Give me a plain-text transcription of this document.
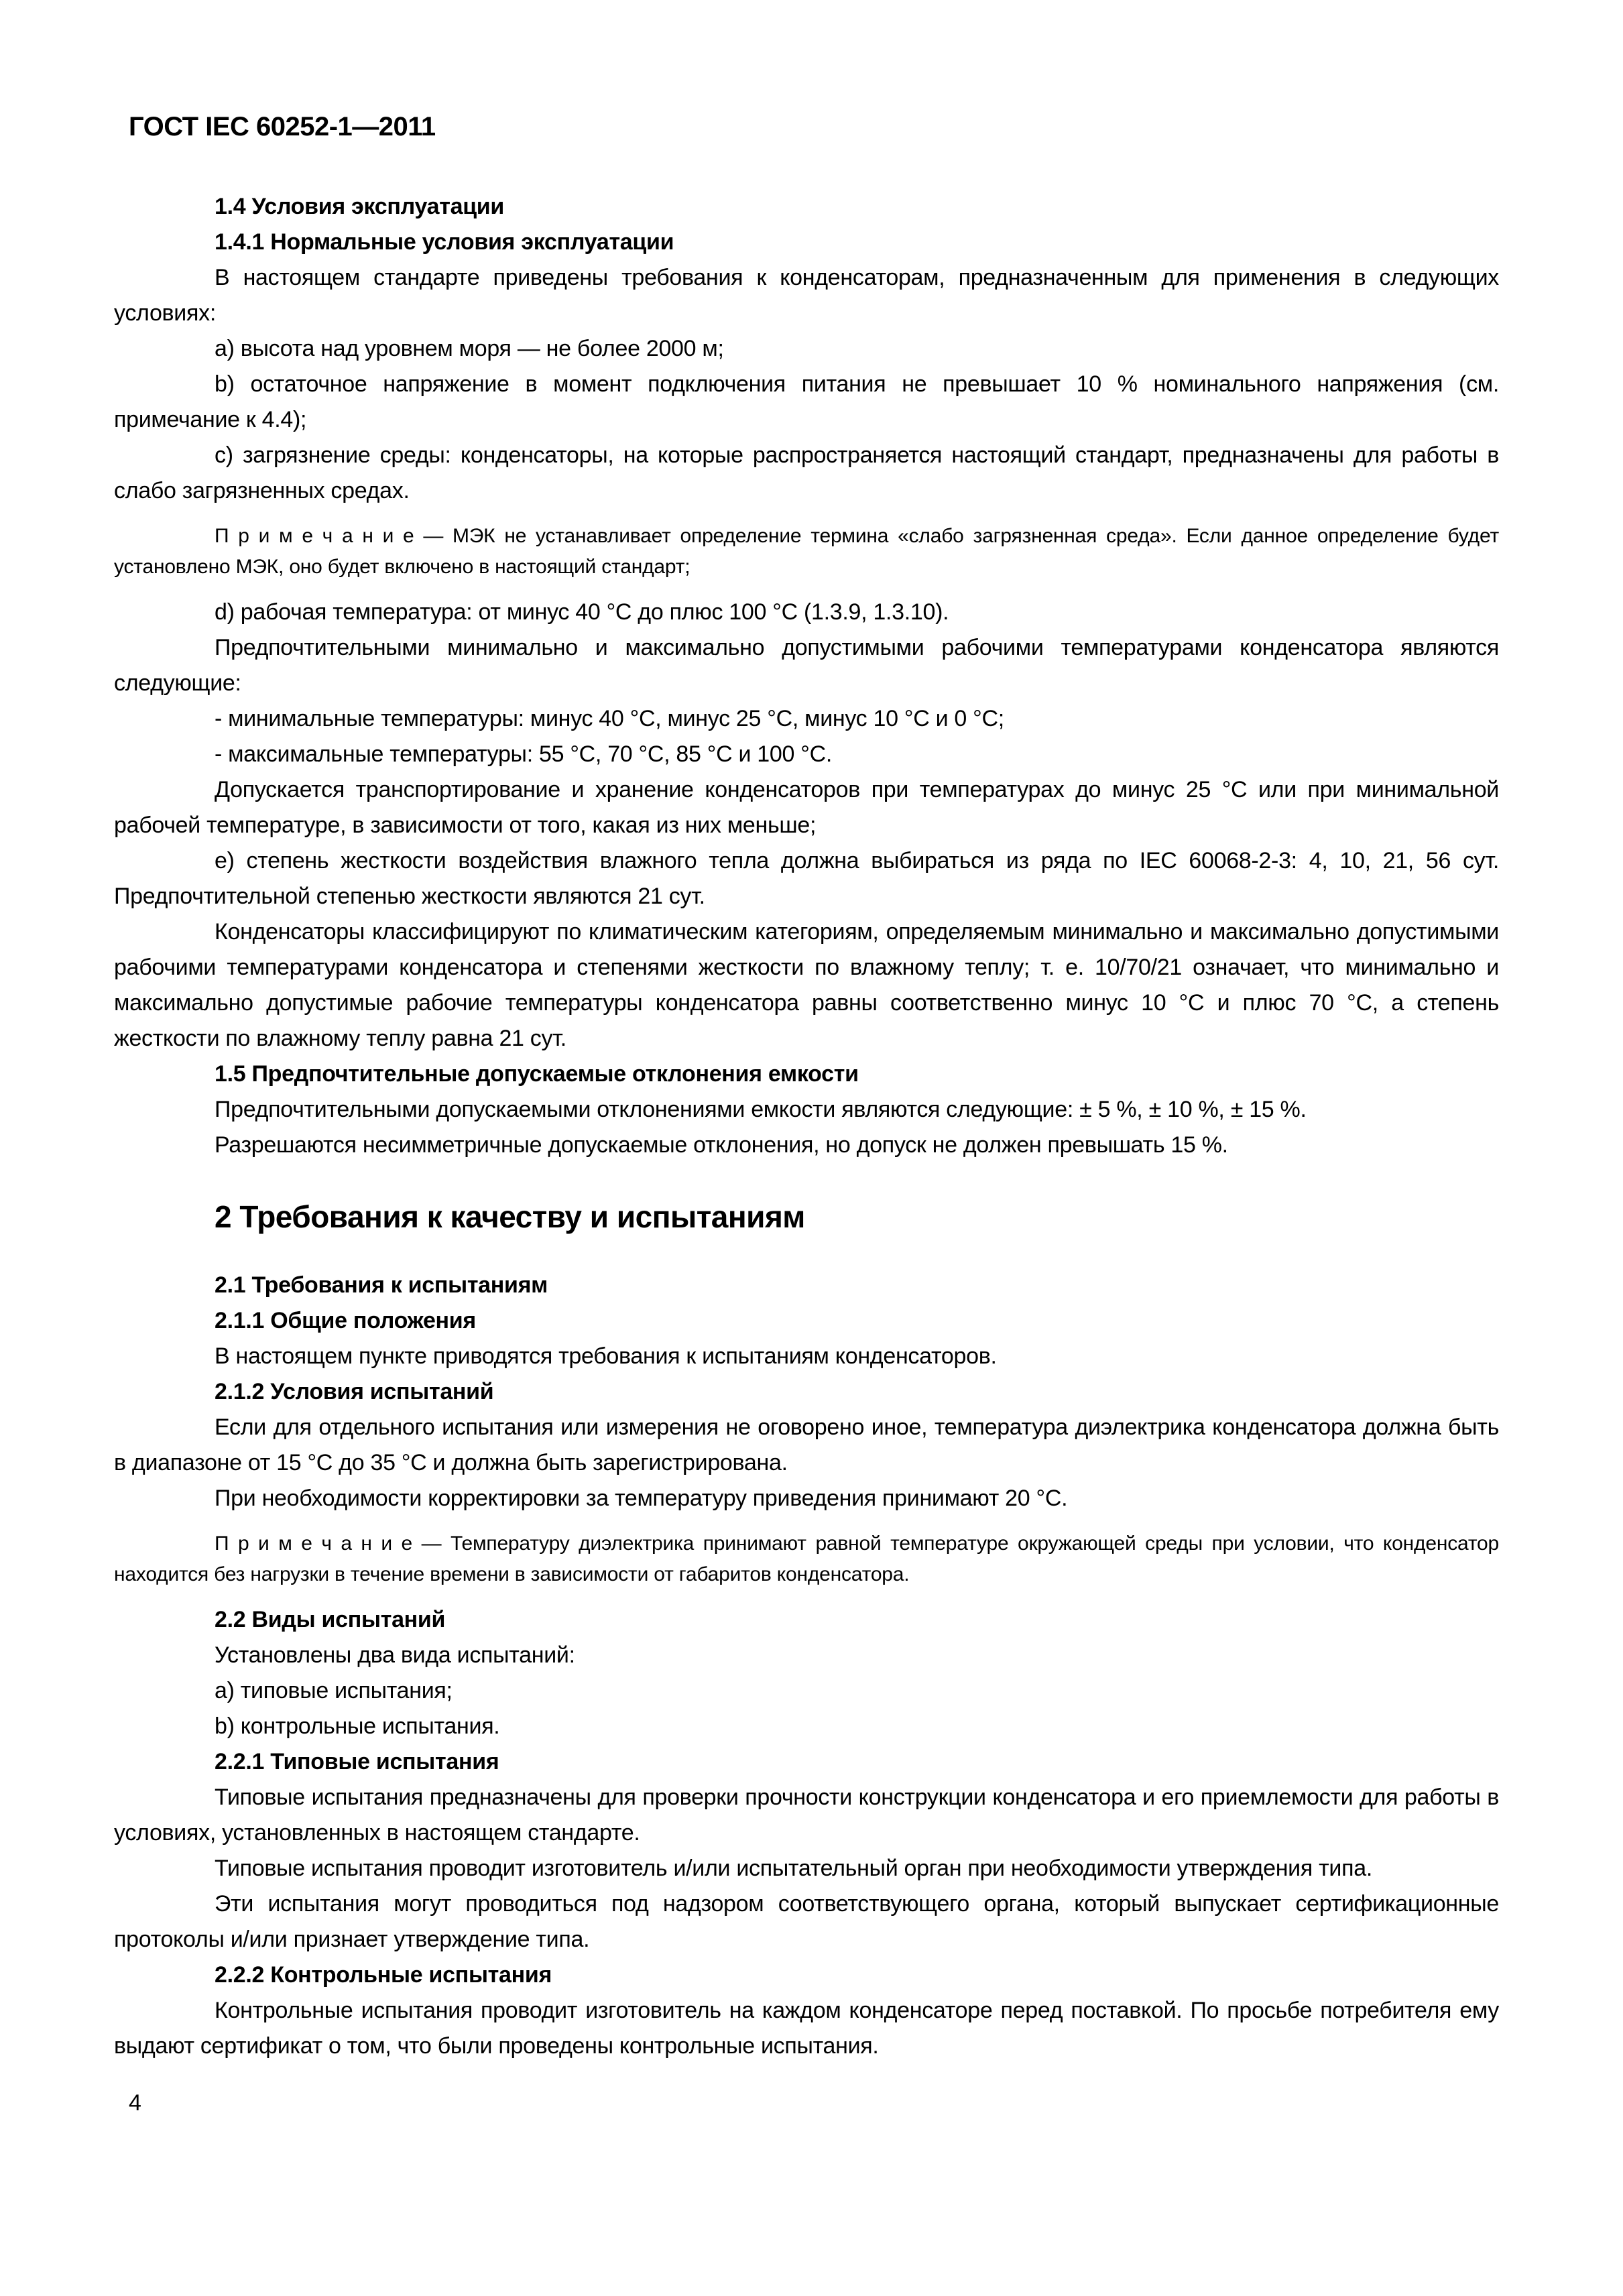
ГОСТ IEC 60252-1—2011

1.4 Условия эксплуатации

1.4.1 Нормальные условия эксплуатации

В настоящем стандарте приведены требования к конденсаторам, предназначенным для применения в следующих условиях:

a) высота над уровнем моря — не более 2000 м;

b) остаточное напряжение в момент подключения питания не превышает 10 % номинального напряжения (см. примечание к 4.4);

c) загрязнение среды: конденсаторы, на которые распространяется настоящий стандарт, предназначены для работы в слабо загрязненных средах.

П р и м е ч а н и е — МЭК не устанавливает определение термина «слабо загрязненная среда». Если данное определение будет установлено МЭК, оно будет включено в настоящий стандарт;

d) рабочая температура: от минус 40 °С до плюс 100 °С (1.3.9, 1.3.10).

Предпочтительными минимально и максимально допустимыми рабочими температурами конденсатора являются следующие:

- минимальные температуры: минус 40 °С, минус 25 °С, минус 10 °С и 0 °С;

- максимальные температуры: 55 °С, 70 °С, 85 °С и 100 °С.

Допускается транспортирование и хранение конденсаторов при температурах до минус 25 °С или при минимальной рабочей температуре, в зависимости от того, какая из них меньше;

e) степень жесткости воздействия влажного тепла должна выбираться из ряда по IEC 60068-2-3: 4, 10, 21, 56 сут. Предпочтительной степенью жесткости являются 21 сут.

Конденсаторы классифицируют по климатическим категориям, определяемым минимально и максимально допустимыми рабочими температурами конденсатора и степенями жесткости по влажному теплу; т. е. 10/70/21 означает, что минимально и максимально допустимые рабочие температуры конденсатора равны соответственно минус 10 °С и плюс 70 °С, а степень жесткости по влажному теплу равна 21 сут.

1.5 Предпочтительные допускаемые отклонения емкости

Предпочтительными допускаемыми отклонениями емкости являются следующие: ± 5 %, ± 10 %, ± 15 %.

Разрешаются несимметричные допускаемые отклонения, но допуск не должен превышать 15 %.

2 Требования к качеству и испытаниям

2.1 Требования к испытаниям

2.1.1 Общие положения

В настоящем пункте приводятся требования к испытаниям конденсаторов.

2.1.2 Условия испытаний

Если для отдельного испытания или измерения не оговорено иное, температура диэлектрика конденсатора должна быть в диапазоне от 15 °С до 35 °С и должна быть зарегистрирована.

При необходимости корректировки за температуру приведения принимают 20 °С.

П р и м е ч а н и е — Температуру диэлектрика принимают равной температуре окружающей среды при условии, что конденсатор находится без нагрузки в течение времени в зависимости от габаритов конденсатора.

2.2 Виды испытаний

Установлены два вида испытаний:

a) типовые испытания;

b) контрольные испытания.

2.2.1 Типовые испытания

Типовые испытания предназначены для проверки прочности конструкции конденсатора и его приемлемости для работы в условиях, установленных в настоящем стандарте.

Типовые испытания проводит изготовитель и/или испытательный орган при необходимости утверждения типа.

Эти испытания могут проводиться под надзором соответствующего органа, который выпускает сертификационные протоколы и/или признает утверждение типа.

2.2.2 Контрольные испытания

Контрольные испытания проводит изготовитель на каждом конденсаторе перед поставкой. По просьбе потребителя ему выдают сертификат о том, что были проведены контрольные испытания.

4
